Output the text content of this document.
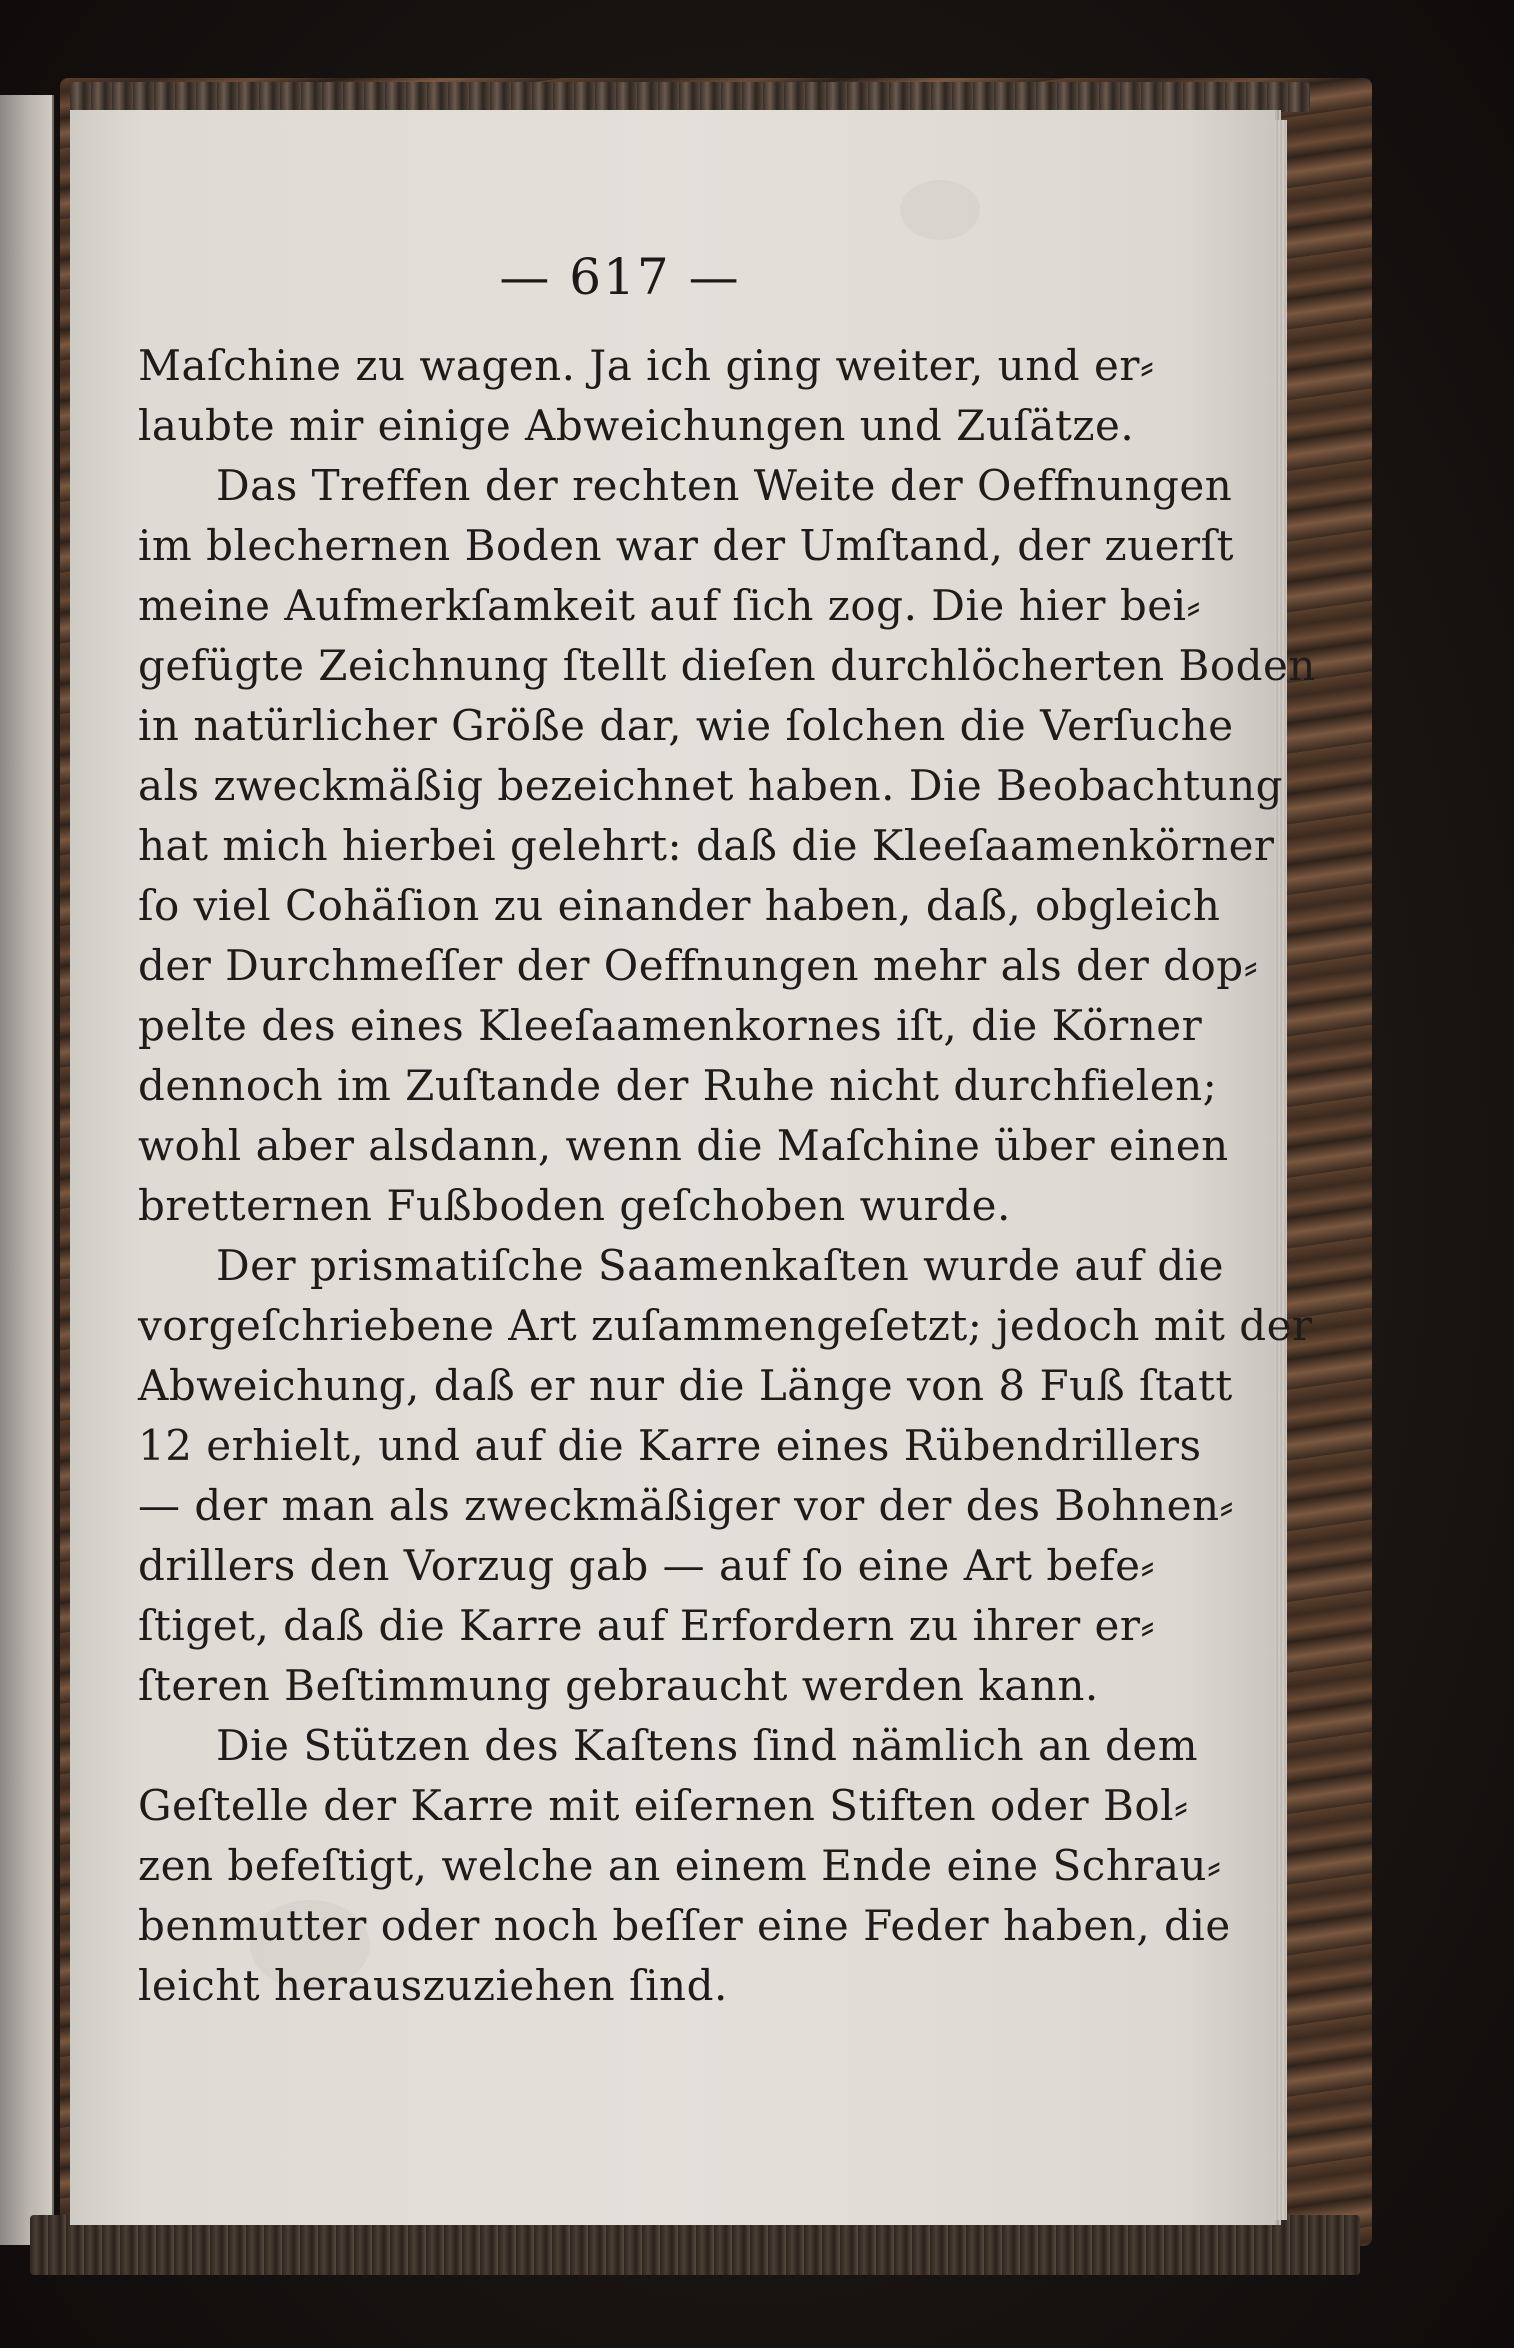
— 617 —
Maſchine zu wagen. Ja ich ging weiter, und er⸗
laubte mir einige Abweichungen und Zuſätze.
Das Treffen der rechten Weite der Oeffnungen
im blechernen Boden war der Umſtand, der zuerſt
meine Aufmerkſamkeit auf ſich zog. Die hier bei⸗
gefügte Zeichnung ſtellt dieſen durchlöcherten Boden
in natürlicher Größe dar, wie ſolchen die Verſuche
als zweckmäßig bezeichnet haben. Die Beobachtung
hat mich hierbei gelehrt: daß die Kleeſaamenkörner
ſo viel Cohäſion zu einander haben, daß, obgleich
der Durchmeſſer der Oeffnungen mehr als der dop⸗
pelte des eines Kleeſaamenkornes iſt, die Körner
dennoch im Zuſtande der Ruhe nicht durchfielen;
wohl aber alsdann, wenn die Maſchine über einen
bretternen Fußboden geſchoben wurde.
Der prismatiſche Saamenkaſten wurde auf die
vorgeſchriebene Art zuſammengeſetzt; jedoch mit der
Abweichung, daß er nur die Länge von 8 Fuß ſtatt
12 erhielt, und auf die Karre eines Rübendrillers
— der man als zweckmäßiger vor der des Bohnen⸗
drillers den Vorzug gab — auf ſo eine Art befe⸗
ſtiget, daß die Karre auf Erfordern zu ihrer er⸗
ſteren Beſtimmung gebraucht werden kann.
Die Stützen des Kaſtens ſind nämlich an dem
Geſtelle der Karre mit eiſernen Stiften oder Bol⸗
zen befeſtigt, welche an einem Ende eine Schrau⸗
benmutter oder noch beſſer eine Feder haben, die
leicht herauszuziehen ſind.
